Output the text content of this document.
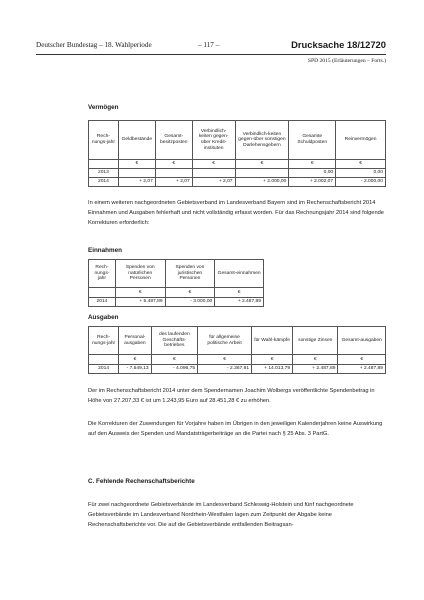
Deutscher Bundestag – 18. Wahlperiode	– 117 –	Drucksache 18/12720
SPD 2015 (Erläuterungen – Forts.)
Vermögen
Rech-nungs-jahr	Geldbestände	Gesamt-besitzposten	Verbindlich-keiten gegen-über Kredit-instituten	Verbindlich-keiten gegen-über sonstigen Darlehensgebern	Gesamte Schuldposten	Reinvermögen
	€	€	€	€	€	€
2013					0,00	0,00
2014	+ 2,07	+ 2,07	+ 2,07	+ 2.000,00	+ 2.002,07	- 2.000,00

In einem weiteren nachgeordneten Gebietsverband im Landesverband Bayern sind im Rechenschaftsbericht 2014 Einnahmen und Ausgaben fehlerhaft und nicht vollständig erfasst worden. Für das Rechnungsjahr 2014 sind folgende Korrekturen erforderlich:

Einnahmen
Rech-nungs-jahr	Spenden von natürlichen Personen	Spenden von juristischen Personen	Gesamt-einnahmen
	€	€	€
2014	+ 5.487,89	- 3.000,00	+ 2.487,89
Ausgaben
Rech-nungs-jahr	Personal-ausgaben	des laufenden Geschäfts-betriebes	für allgemeine politische Arbeit	für Wahl-kämpfe	sonstige Zinsen	Gesamt-ausgaben
	€	€	€	€	€	€
2014	- 7.549,13	- 4.096,75	- 2.367,91	+ 14.013,79	+ 2.487,89	+ 2.487,89

Der im Rechenschaftsbericht 2014 unter dem Spendernamen Joachim Wolbergs veröffentlichte Spendenbetrag in Höhe von 27.207,33 € ist um 1.243,95 Euro auf 28.451,28 € zu erhöhen.

Die Korrekturen der Zuwendungen für Vorjahre haben im Übrigen in den jeweiligen Kalenderjahren keine Auswirkung auf den Ausweis der Spenden und Mandatsträgerbeiträge an die Partei nach § 25 Abs. 3 PartG.

C. Fehlende Rechenschaftsberichte

Für zwei nachgeordnete Gebietsverbände im Landesverband Schleswig-Holstein und fünf nachgeordnete Gebietsverbände im Landesverband Nordrhein-Westfalen lagen zum Zeitpunkt der Abgabe keine Rechenschaftsberichte vor. Die auf die Gebietsverbände entfallenden Beitragsan-
